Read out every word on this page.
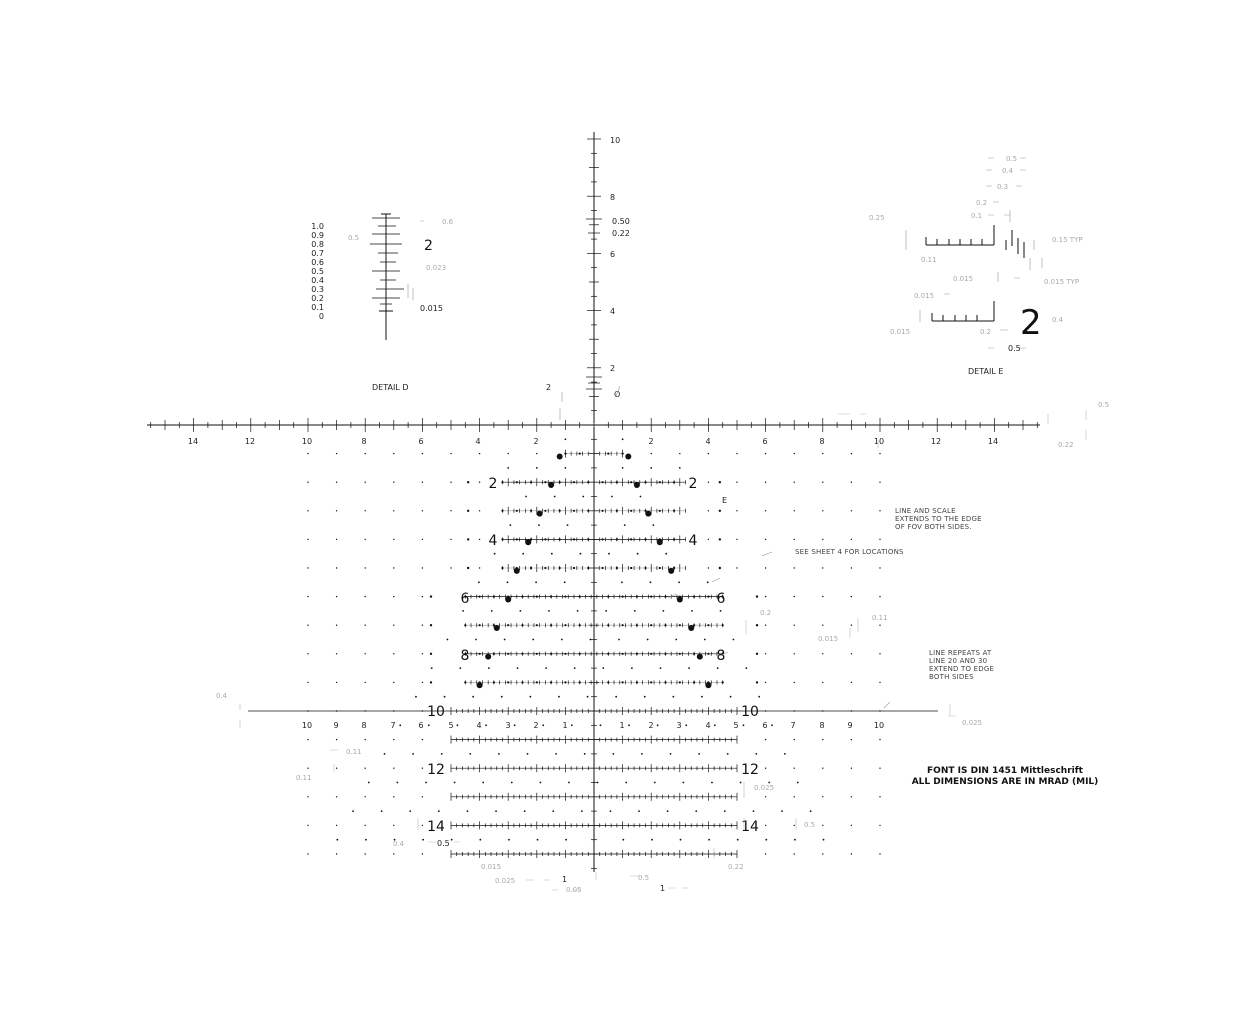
2
4
6
8
10
0.50
0.22
14	12	10	8	6	4	2	2	4	6	8	10	12	14
2	2
4	4
6	6
8	8
10	10
12	12
14	14
10	9	8	7	6	6	7	8	9	10
5	4	3	2	1	1	2	3	4	5
2
O
1.0
0.9
0.8
0.7
0.6
0.5
0.4
0.3
0.2
0.1
0
2
0.5
0.6
0.023
0.015
DETAIL D
0.5
0.4
0.3
0.2
0.1
0.25
0.11
0.15 TYP
0.015	0.015 TYP
0.015
0.015	0.2
0.4
0.5
2
DETAIL E
E
LINE AND SCALE
EXTENDS TO THE EDGE
OF FOV BOTH SIDES.
SEE SHEET 4 FOR LOCATIONS
LINE REPEATS AT
LINE 20 AND 30
EXTEND TO EDGE
BOTH SIDES
FONT IS DIN 1451 Mittleschrift
ALL DIMENSIONS ARE IN MRAD (MIL)
0.5
0.22
0.2
0.11
0.015
0.4
0.025
0.11
0.11
0.025
0.5
0.22
0.4	0.5
0.015
0.025	1	0.5
0.05	1
